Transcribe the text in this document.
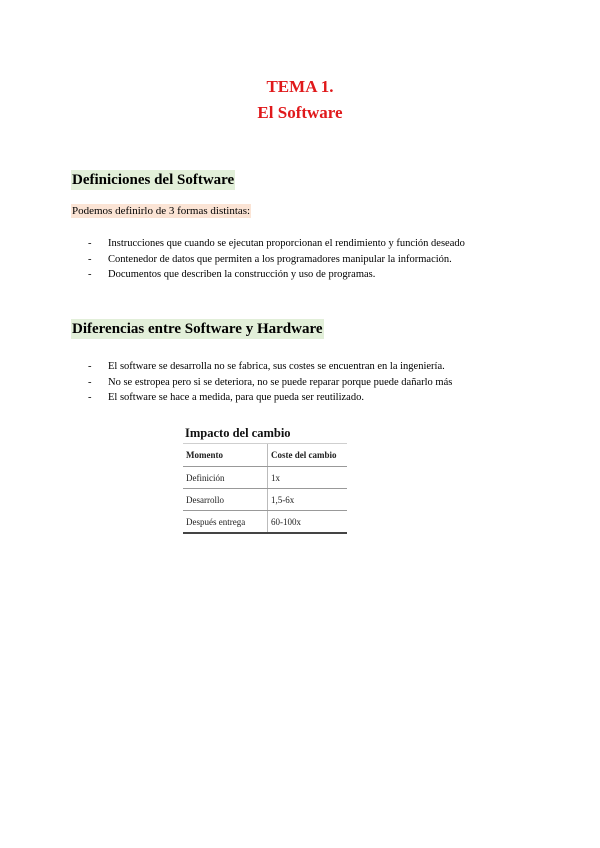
TEMA 1.
El Software
Definiciones del Software
Podemos definirlo de 3 formas distintas:
- Instrucciones que cuando se ejecutan proporcionan el rendimiento y función deseado
- Contenedor de datos que permiten a los programadores manipular la información.
- Documentos que describen la construcción y uso de programas.
Diferencias entre Software y Hardware
- El software se desarrolla no se fabrica, sus costes se encuentran en la ingeniería.
- No se estropea pero si se deteriora, no se puede reparar porque puede dañarlo más
- El software se hace a medida, para que pueda ser reutilizado.
Impacto del cambio
Momento	Coste del cambio
Definición	1x
Desarrollo	1,5-6x
Después entrega	60-100x
